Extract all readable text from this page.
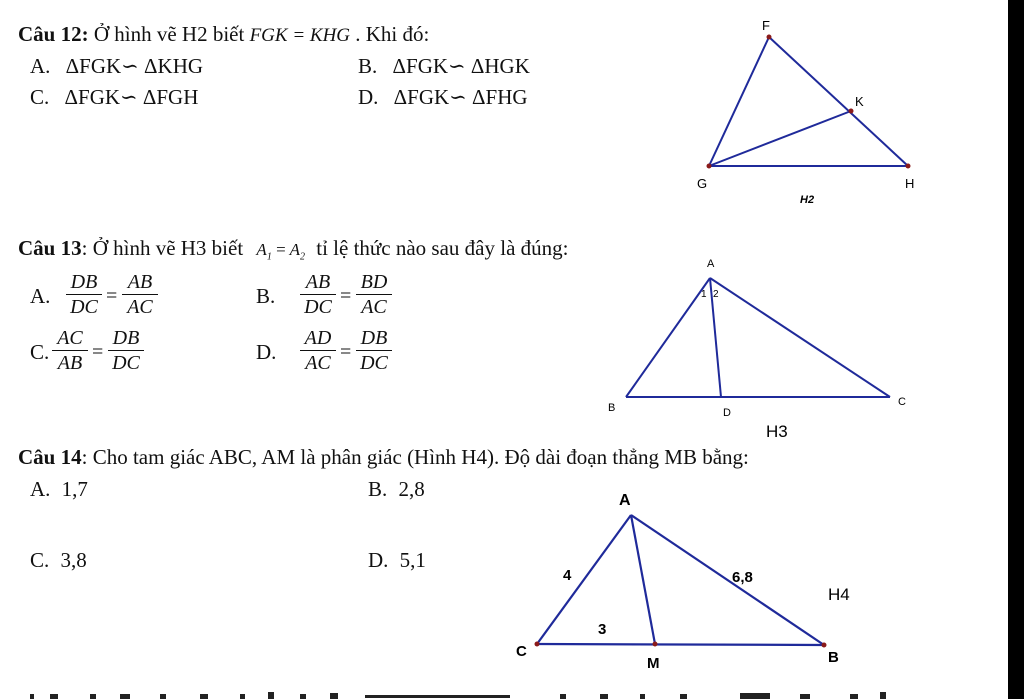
Câu 12: Ở hình vẽ H2 biết FGK = KHG . Khi đó:
A. ΔFGK∽ ΔKHG	B. ΔFGK∽ ΔHGK
C. ΔFGK∽ ΔFGH	D. ΔFGK∽ ΔFHG
F
K
G	H
H2
Câu 13: Ở hình vẽ H3 biết $A_1 = A_2$ tỉ lệ thức nào sau đây là đúng:
A.
DB
DC =
AB
AC	B.
AB
DC =
BD
AC
C.
AC
AB =
DB
DC	D.
AD
AC =
DB
DC
A
1 2
B	D
C
H3
Câu 14: Cho tam giác ABC, AM là phân giác (Hình H4). Độ dài đoạn thẳng MB bằng:
A. 1,7	B. 2,8
C. 3,8	D. 5,1
A
4	6,8
H4
3
C
M	B
